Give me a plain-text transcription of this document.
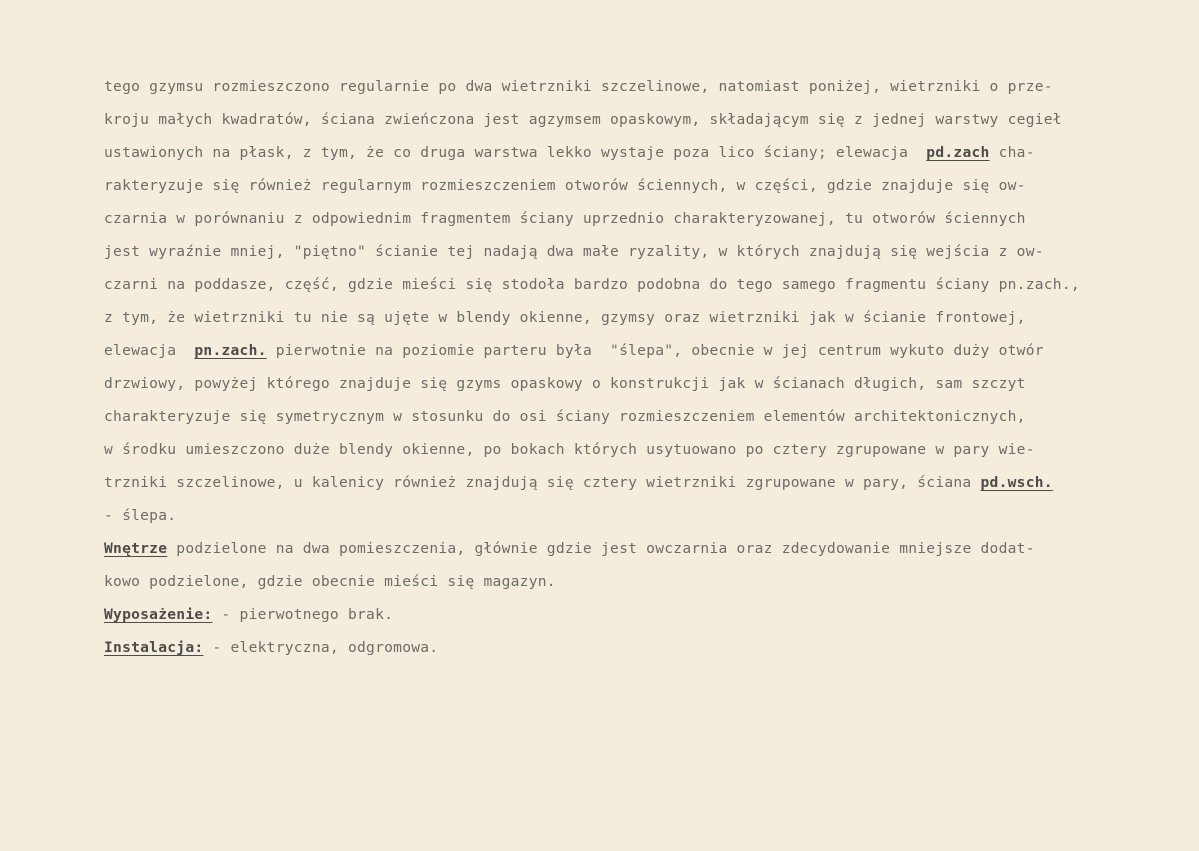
tego gzymsu rozmieszczono regularnie po dwa wietrzniki szczelinowe, natomiast poniżej, wietrzniki o prze-
kroju małych kwadratów, ściana zwieńczona jest agzymsem opaskowym, składającym się z jednej warstwy cegieł
ustawionych na płask, z tym, że co druga warstwa lekko wystaje poza lico ściany; elewacja  pd.zach cha-
rakteryzuje się również regularnym rozmieszczeniem otworów ściennych, w części, gdzie znajduje się ow-
czarnia w porównaniu z odpowiednim fragmentem ściany uprzednio charakteryzowanej, tu otworów ściennych
jest wyraźnie mniej, "piętno" ścianie tej nadają dwa małe ryzality, w których znajdują się wejścia z ow-
czarni na poddasze, część, gdzie mieści się stodoła bardzo podobna do tego samego fragmentu ściany pn.zach.,
z tym, że wietrzniki tu nie są ujęte w blendy okienne, gzymsy oraz wietrzniki jak w ścianie frontowej,
elewacja  pn.zach. pierwotnie na poziomie parteru była  "ślepa", obecnie w jej centrum wykuto duży otwór
drzwiowy, powyżej którego znajduje się gzyms opaskowy o konstrukcji jak w ścianach długich, sam szczyt
charakteryzuje się symetrycznym w stosunku do osi ściany rozmieszczeniem elementów architektonicznych,
w środku umieszczono duże blendy okienne, po bokach których usytuowano po cztery zgrupowane w pary wie-
trzniki szczelinowe, u kalenicy również znajdują się cztery wietrzniki zgrupowane w pary, ściana pd.wsch.
- ślepa.
Wnętrze podzielone na dwa pomieszczenia, głównie gdzie jest owczarnia oraz zdecydowanie mniejsze dodat-
kowo podzielone, gdzie obecnie mieści się magazyn.
Wyposażenie: - pierwotnego brak.
Instalacja: - elektryczna, odgromowa.
